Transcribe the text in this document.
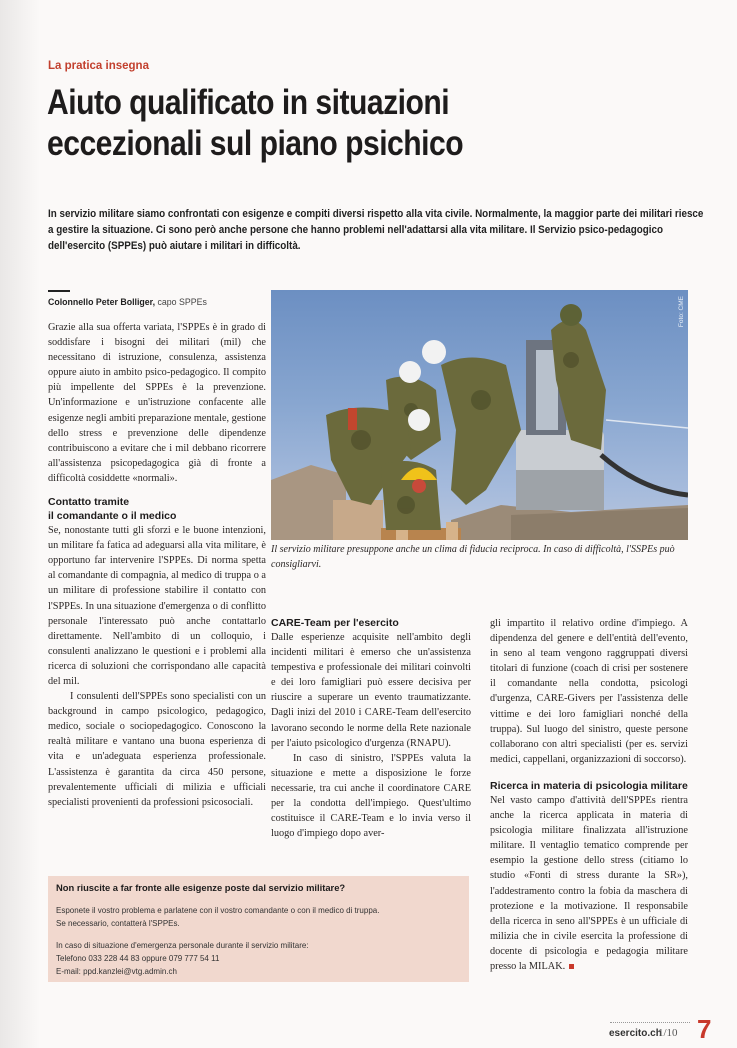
La pratica insegna
Aiuto qualificato in situazioni
eccezionali sul piano psichico
In servizio militare siamo confrontati con esigenze e compiti diversi rispetto alla vita civile. Normalmente, la maggior parte dei militari riesce a gestire la situazione. Ci sono però anche persone che hanno problemi nell'adattarsi alla vita militare. Il Servizio psico-pedagogico dell'esercito (SPPEs) può aiutare i militari in difficoltà.
Colonnello Peter Bolliger, capo SPPEs

Grazie alla sua offerta variata, l'SPPEs è in grado di soddisfare i bisogni dei militari (mil) che necessitano di istruzione, consulenza, assistenza oppure aiuto in ambito psico-pedagogico. Il compito più impellente del SPPEs è la prevenzione. Un'informazione e un'istruzione confacente alle esigenze negli ambiti preparazione mentale, gestione dello stress e prevenzione delle dipendenze contribuiscono a evitare che i mil debbano ricorrere all'assistenza psicopedagogica già di fronte a difficoltà cosiddette «normali».

Contatto tramite
il comandante o il medico

Se, nonostante tutti gli sforzi e le buone intenzioni, un militare fa fatica ad adeguarsi alla vita militare, è opportuno far intervenire l'SPPEs. Di norma spetta al comandante di compagnia, al medico di truppa o a un militare di professione stabilire il contatto con l'SPPEs. In una situazione d'emergenza o di conflitto personale l'interessato può anche contattarlo direttamente. Nell'ambito di un colloquio, i consulenti analizzano le questioni e i problemi alla ricerca di soluzioni che corrispondano alle capacità del mil.

I consulenti dell'SPPEs sono specialisti con un background in campo psicologico, pedagogico, medico, sociale o sociopedagogico. Conoscono la realtà militare e vantano una buona esperienza di vita e un'adeguata esperienza professionale. L'assistenza è garantita da circa 450 persone, prevalentemente ufficiali di milizia e ufficiali specialisti provenienti da professioni psicosociali.

Foto: CME
Il servizio militare presuppone anche un clima di fiducia reciproca. In caso di difficoltà, l'SSPEs può consigliarvi.
CARE-Team per l'esercito

Dalle esperienze acquisite nell'ambito degli incidenti militari è emerso che un'assistenza tempestiva e professionale dei militari coinvolti e dei loro famigliari può essere decisiva per riuscire a superare un evento traumatizzante. Dagli inizi del 2010 i CARE-Team dell'esercito lavorano secondo le norme della Rete nazionale per l'aiuto psicologico d'urgenza (RNAPU).

In caso di sinistro, l'SPPEs valuta la situazione e mette a disposizione le forze necessarie, tra cui anche il coordinatore CARE per la condotta dell'impiego. Quest'ultimo costituisce il CARE-Team e lo invia verso il luogo d'impiego dopo aver-

gli impartito il relativo ordine d'impiego. A dipendenza del genere e dell'entità dell'evento, in seno al team vengono raggruppati diversi titolari di funzione (coach di crisi per sostenere il comandante nella condotta, psicologi d'urgenza, CARE-Givers per l'assistenza delle vittime e dei loro famigliari nonché della truppa). Sul luogo del sinistro, queste persone collaborano con altri specialisti (per es. servizi medici, cappellani, organizzazioni di soccorso).

Ricerca in materia di psicologia militare

Nel vasto campo d'attività dell'SPPEs rientra anche la ricerca applicata in materia di psicologia militare finalizzata all'istruzione militare. Il ventaglio tematico comprende per esempio la gestione dello stress (citiamo lo studio «Fonti di stress durante la SR»), l'addestramento contro la fobia da maschera di protezione e la motivazione. Il responsabile della ricerca in seno all'SPPEs è un ufficiale di milizia che in civile esercita la professione di docente di psicologia e pedagogia militare presso la MILAK.

Non riuscite a far fronte alle esigenze poste dal servizio militare?
Esponete il vostro problema e parlatene con il vostro comandante o con il medico di truppa.
Se necessario, contatterà l'SPPEs.
In caso di situazione d'emergenza personale durante il servizio militare:
Telefono 033 228 44 83 oppure 079 777 54 11
E-mail: ppd.kanzlei@vtg.admin.ch
esercito.ch
1/10 7
